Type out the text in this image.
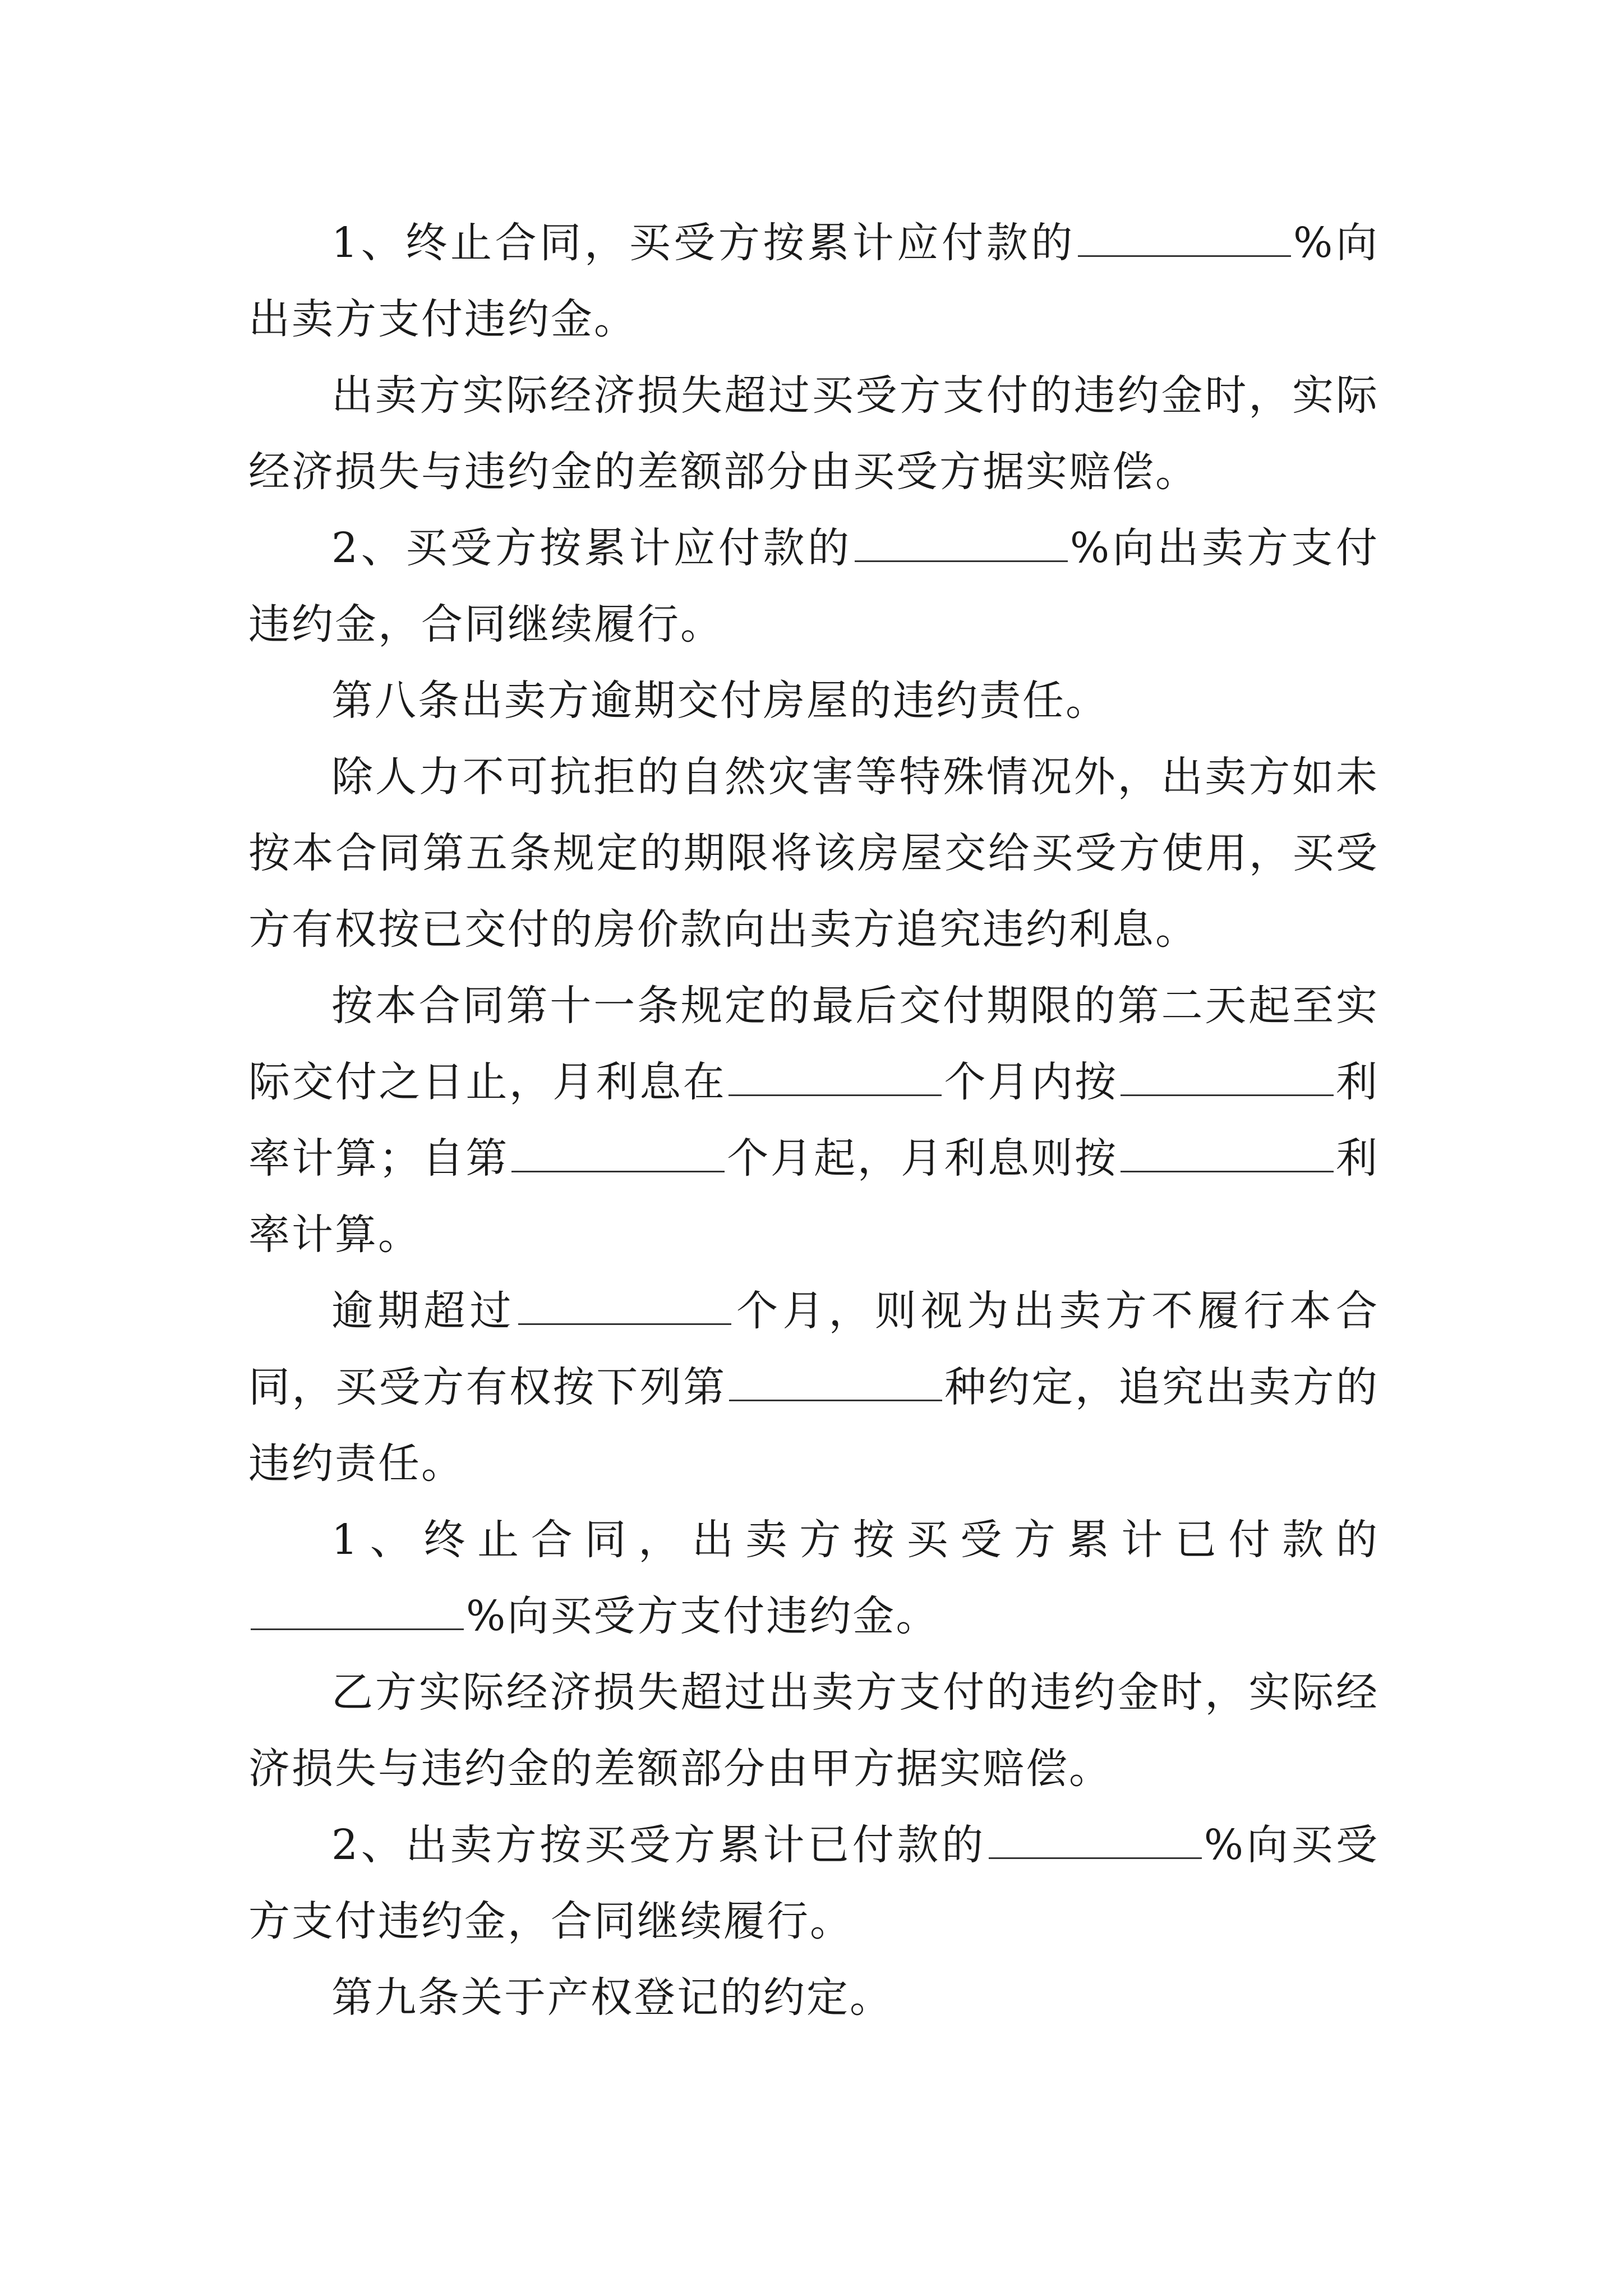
1、终止合同，买受方按累计应付款的	%向出卖方支付违约金。

出卖方实际经济损失超过买受方支付的违约金时，实际经济损失与违约金的差额部分由买受方据实赔偿。

2、买受方按累计应付款的	%向出卖方支付违约金，合同继续履行。

第八条出卖方逾期交付房屋的违约责任。

除人力不可抗拒的自然灾害等特殊情况外，出卖方如未按本合同第五条规定的期限将该房屋交给买受方使用，买受方有权按已交付的房价款向出卖方追究违约利息。

按本合同第十一条规定的最后交付期限的第二天起至实际交付之日止，月利息在	个月内按	利率计算；自第	个月起，月利息则按	利率计算。

逾期超过	个月，则视为出卖方不履行本合同，买受方有权按下列第	种约定，追究出卖方的违约责任。

1、终止合同，出卖方按买受方累计已付款的%向买受方支付违约金。

乙方实际经济损失超过出卖方支付的违约金时，实际经济损失与违约金的差额部分由甲方据实赔偿。

2、出卖方按买受方累计已付款的	%向买受方支付违约金，合同继续履行。

第九条关于产权登记的约定。
